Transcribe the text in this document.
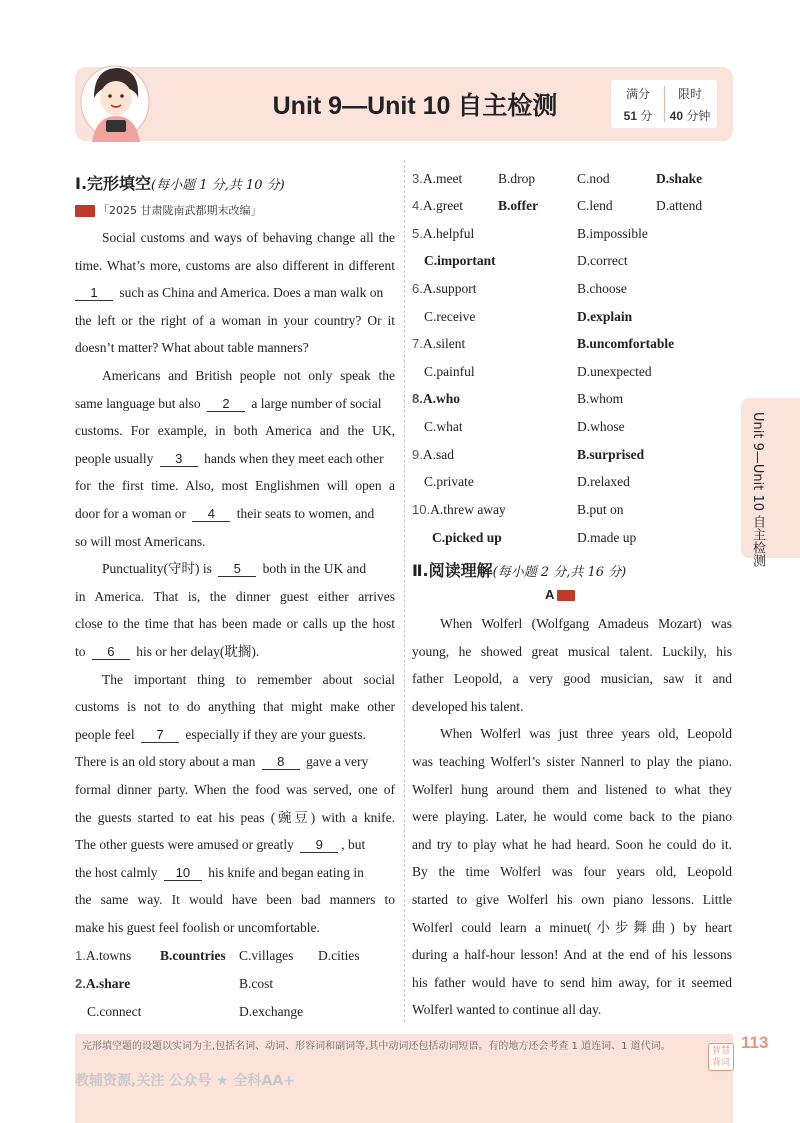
Unit 9—Unit 10 自主检测	满分	限时
51 分	40 分钟
Ⅰ.完形填空(每小题 1 分,共 10 分)
「2025 甘肃陇南武都期末改编」
Social customs and ways of behaving change all the
time. What’s more, customs are also different in different
1 such as China and America. Does a man walk on
the left or the right of a woman in your country? Or it
doesn’t matter? What about table manners?
Americans and British people not only speak the
same language but also 2 a large number of social
customs. For example, in both America and the UK,
people usually 3 hands when they meet each other
for the first time. Also, most Englishmen will open a
door for a woman or 4 their seats to women, and
so will most Americans.
Punctuality(守时) is 5 both in the UK and
in America. That is, the dinner guest either arrives
close to the time that has been made or calls up the host
to 6 his or her delay(耽搁).
The important thing to remember about social
customs is not to do anything that might make other
people feel 7 especially if they are your guests.
There is an old story about a man 8 gave a very
formal dinner party. When the food was served, one of
the guests started to eat his peas (豌豆) with a knife.
The other guests were amused or greatly 9 , but
the host calmly 10 his knife and began eating in
the same way. It would have been bad manners to
make his guest feel foolish or uncomfortable.
1.A.towns B.countries C.villages D.cities
2.A.share	B.cost
C.connect	D.exchange
3.A.meet	B.drop	C.nod	D.shake
4.A.greet	B.offer	C.lend	D.attend
5.A.helpful	B.impossible
C.important	D.correct
6.A.support	B.choose
C.receive	D.explain
7.A.silent	B.uncomfortable
C.painful	D.unexpected
8.A.who	B.whom
C.what	D.whose
9.A.sad	B.surprised
C.private	D.relaxed
10.A.threw away	B.put on
C.picked up	D.made up
Ⅱ.阅读理解(每小题 2 分,共 16 分)
A
When Wolferl (Wolfgang Amadeus Mozart) was
young, he showed great musical talent. Luckily, his
father Leopold, a very good musician, saw it and
developed his talent.
When Wolferl was just three years old, Leopold
was teaching Wolferl’s sister Nannerl to play the piano.
Wolferl hung around them and listened to what they
were playing. Later, he would come back to the piano
and try to play what he had heard. Soon he could do it.
By the time Wolferl was four years old, Leopold
started to give Wolferl his own piano lessons. Little
Wolferl could learn a minuet(小步舞曲) by heart
during a half-hour lesson! And at the end of his lessons
his father would have to send him away, for it seemed
Wolferl wanted to continue all day.
Unit 9—Unit 10 自主检测
完形填空题的设题以实词为主,包括名词、动词、形容词和副词等,其中动词还包括动词短语。有的地方还会考查 1 道连词、1 道代词。
教辅资源,关注 公众号 ★ 全科AA+
智慧背词
113
